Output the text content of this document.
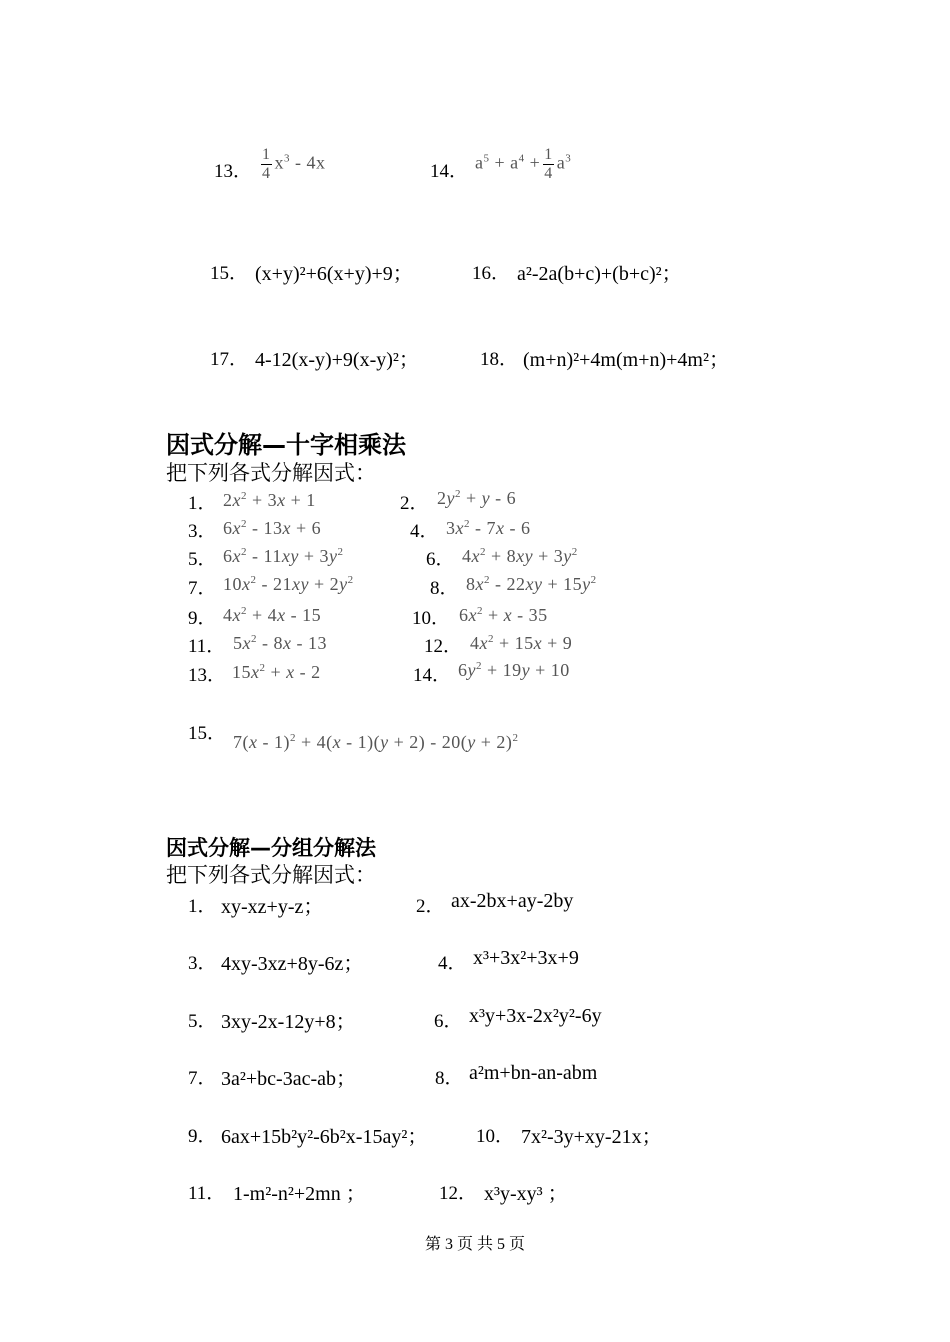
13． $\frac{1}{4} x^3 - 4x$	14． $a^5 + a^4 + \frac{1}{4} a^3$
15． (x+y)²+6(x+y)+9；	16． a²-2a(b+c)+(b+c)²；
17． 4-12(x-y)+9(x-y)²；	18． (m+n)²+4m(m+n)+4m²；
因式分解—十字相乘法
把下列各式分解因式：
1． $2x^2 + 3x + 1$	2． $2y^2 + y - 6$
3． $6x^2 - 13x + 6$	4． $3x^2 - 7x - 6$
5． $6x^2 - 11xy + 3y^2$	6． $4x^2 + 8xy + 3y^2$
7． $10x^2 - 21xy + 2y^2$	8． $8x^2 - 22xy + 15y^2$
9． $4x^2 + 4x - 15$	10． $6x^2 + x - 35$
11． $5x^2 - 8x - 13$	12． $4x^2 + 15x + 9$
13． $15x^2 + x - 2$	14． $6y^2 + 19y + 10$
15． $7(x - 1)^2 + 4(x - 1)(y + 2) - 20(y + 2)^2$
因式分解—分组分解法
把下列各式分解因式：
1． xy-xz+y-z；	2． ax-2bx+ay-2by
3． 4xy-3xz+8y-6z；	4． x³+3x²+3x+9
5． 3xy-2x-12y+8；	6． x³y+3x-2x²y²-6y
7． 3a²+bc-3ac-ab；	8． a²m+bn-an-abm
9． 6ax+15b²y²-6b²x-15ay²；	10． 7x²-3y+xy-21x；
11． 1-m²-n²+2mn ；	12． x³y-xy³ ；
第 3 页 共 5 页
